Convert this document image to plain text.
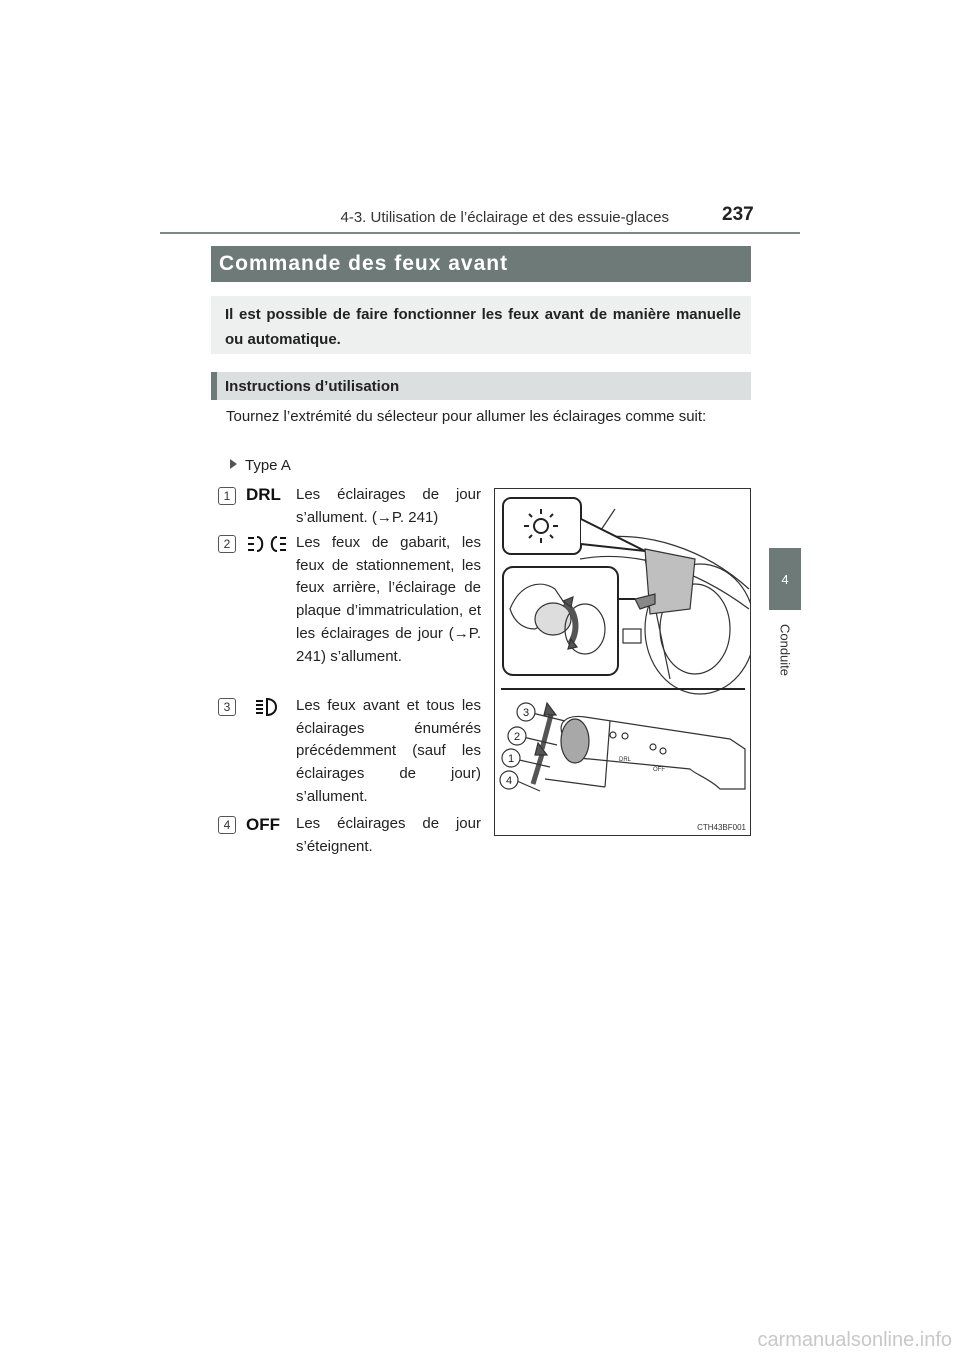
4-3. Utilisation de l’éclairage et des essuie-glaces	237
4
Conduite
Commande des feux avant
Il est possible de faire fonctionner les feux avant de manière manuelle ou automatique.
Instructions d’utilisation
Tournez l’extrémité du sélecteur pour allumer les éclairages comme suit:
Type A
1 DRL	Les éclairages de jour s’allument. (→P. 241)
2	Les feux de gabarit, les feux de stationnement, les feux arrière, l’éclairage de plaque d’immatriculation, et les éclairages de jour (→P. 241) s’allument.
3	Les feux avant et tous les éclairages énumérés précédemment (sauf les éclairages de jour) s’allument.
4 OFF	Les éclairages de jour s’éteignent.
3
2
1
4
DRL
OFF
CTH43BF001
carmanualsonline.info
